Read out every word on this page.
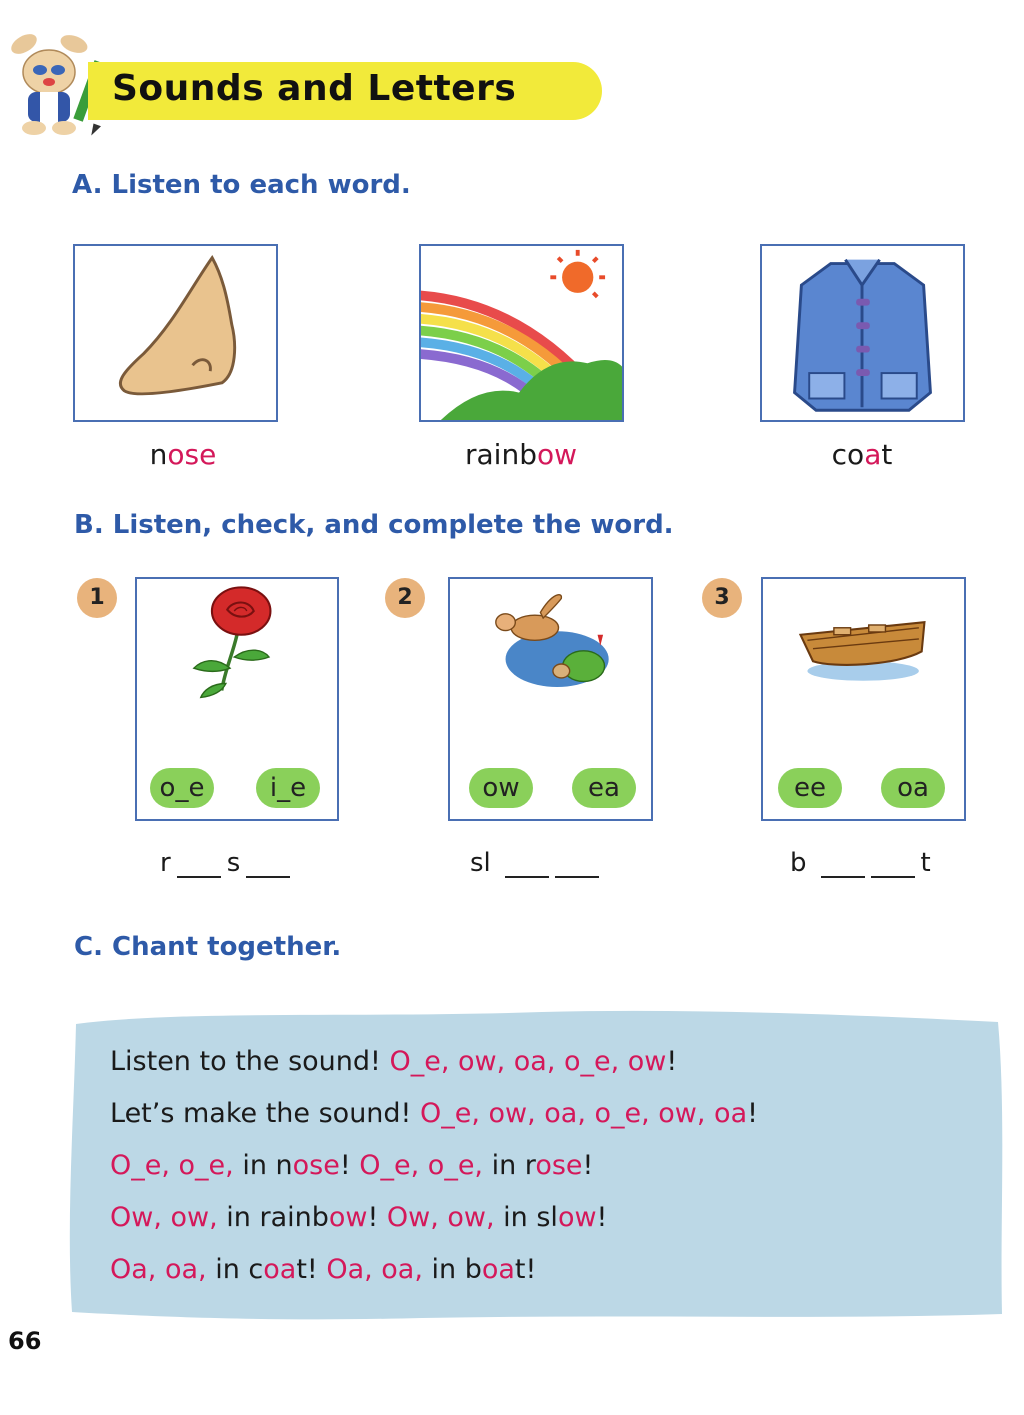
Sounds and Letters
A. Listen to each word.
nose	rainbow	coat
B. Listen, check, and complete the word.
1	2	3
o_e	i_e	ow	ea	ee	oa
r s	sl	b	t
C. Chant together.
Listen to the sound! O_e, ow, oa, o_e, ow!
Let’s make the sound! O_e, ow, oa, o_e, ow, oa!
O_e, o_e, in nose! O_e, o_e, in rose!
Ow, ow, in rainbow! Ow, ow, in slow!
Oa, oa, in coat! Oa, oa, in boat!
66
